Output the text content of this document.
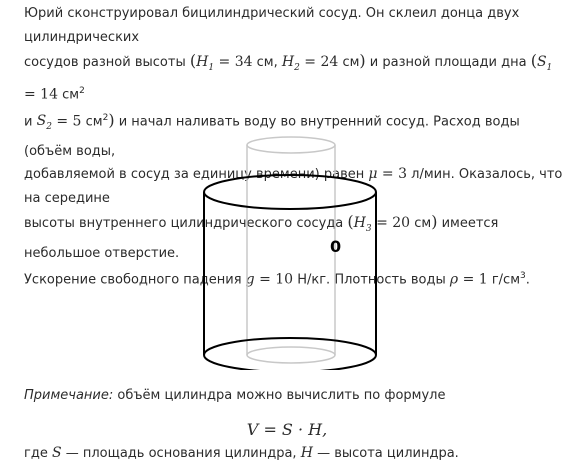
Юрий сконструировал бицилиндрический сосуд. Он склеил донца двух цилиндрических
сосудов разной высоты ($H_1 = 34$ см, $H_2 = 24$ см) и разной площади дна ($S_1 = 14$ $см^2$
и $S_2 = 5$ $см^2$) и начал наливать воду во внутренний сосуд. Расход воды (объём воды,
добавляемой в сосуд за единицу времени) равен μ = 3 л/мин. Оказалось, что на середине
высоты внутреннего цилиндрического сосуда ($H_3 = 20$ см) имеется небольшое отверстие.
Ускорение свободного падения g = 10 Н/кг. Плотность воды ρ = 1 $г/см^3$.
0
Примечание: объём цилиндра можно вычислить по формуле
V = S · H,
где S — площадь основания цилиндра, H — высота цилиндра.
